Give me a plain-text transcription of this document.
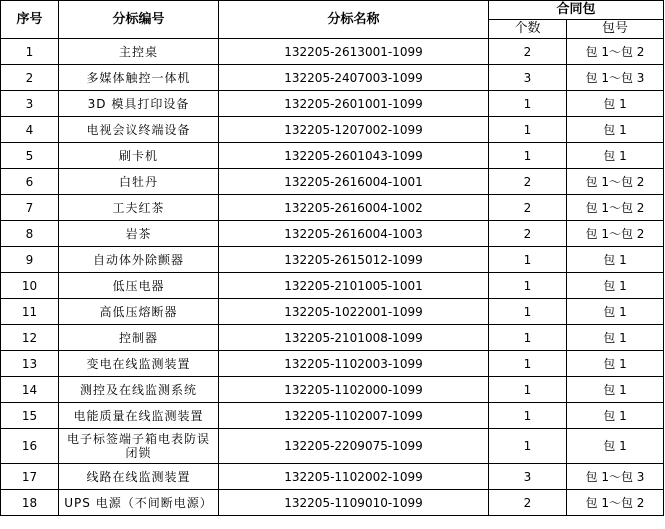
序号	分标编号	分标名称	合同包	
			个数	包号
1	主控桌	132205-2613001-1099	2	包 1～包 2
2	多媒体触控一体机	132205-2407003-1099	3	包 1～包 3
3	3D 模具打印设备	132205-2601001-1099	1	包 1
4	电视会议终端设备	132205-1207002-1099	1	包 1
5	刷卡机	132205-2601043-1099	1	包 1
6	白牡丹	132205-2616004-1001	2	包 1～包 2
7	工夫红茶	132205-2616004-1002	2	包 1～包 2
8	岩茶	132205-2616004-1003	2	包 1～包 2
9	自动体外除颤器	132205-2615012-1099	1	包 1
10	低压电器	132205-2101005-1001	1	包 1
11	高低压熔断器	132205-1022001-1099	1	包 1
12	控制器	132205-2101008-1099	1	包 1
13	变电在线监测装置	132205-1102003-1099	1	包 1
14	测控及在线监测系统	132205-1102000-1099	1	包 1
15	电能质量在线监测装置	132205-1102007-1099	1	包 1
16	电子标签端子箱电表防误闭锁	132205-2209075-1099	1	包 1
17	线路在线监测装置	132205-1102002-1099	3	包 1～包 3
18	UPS 电源（不间断电源）	132205-1109010-1099	2	包 1～包 2
